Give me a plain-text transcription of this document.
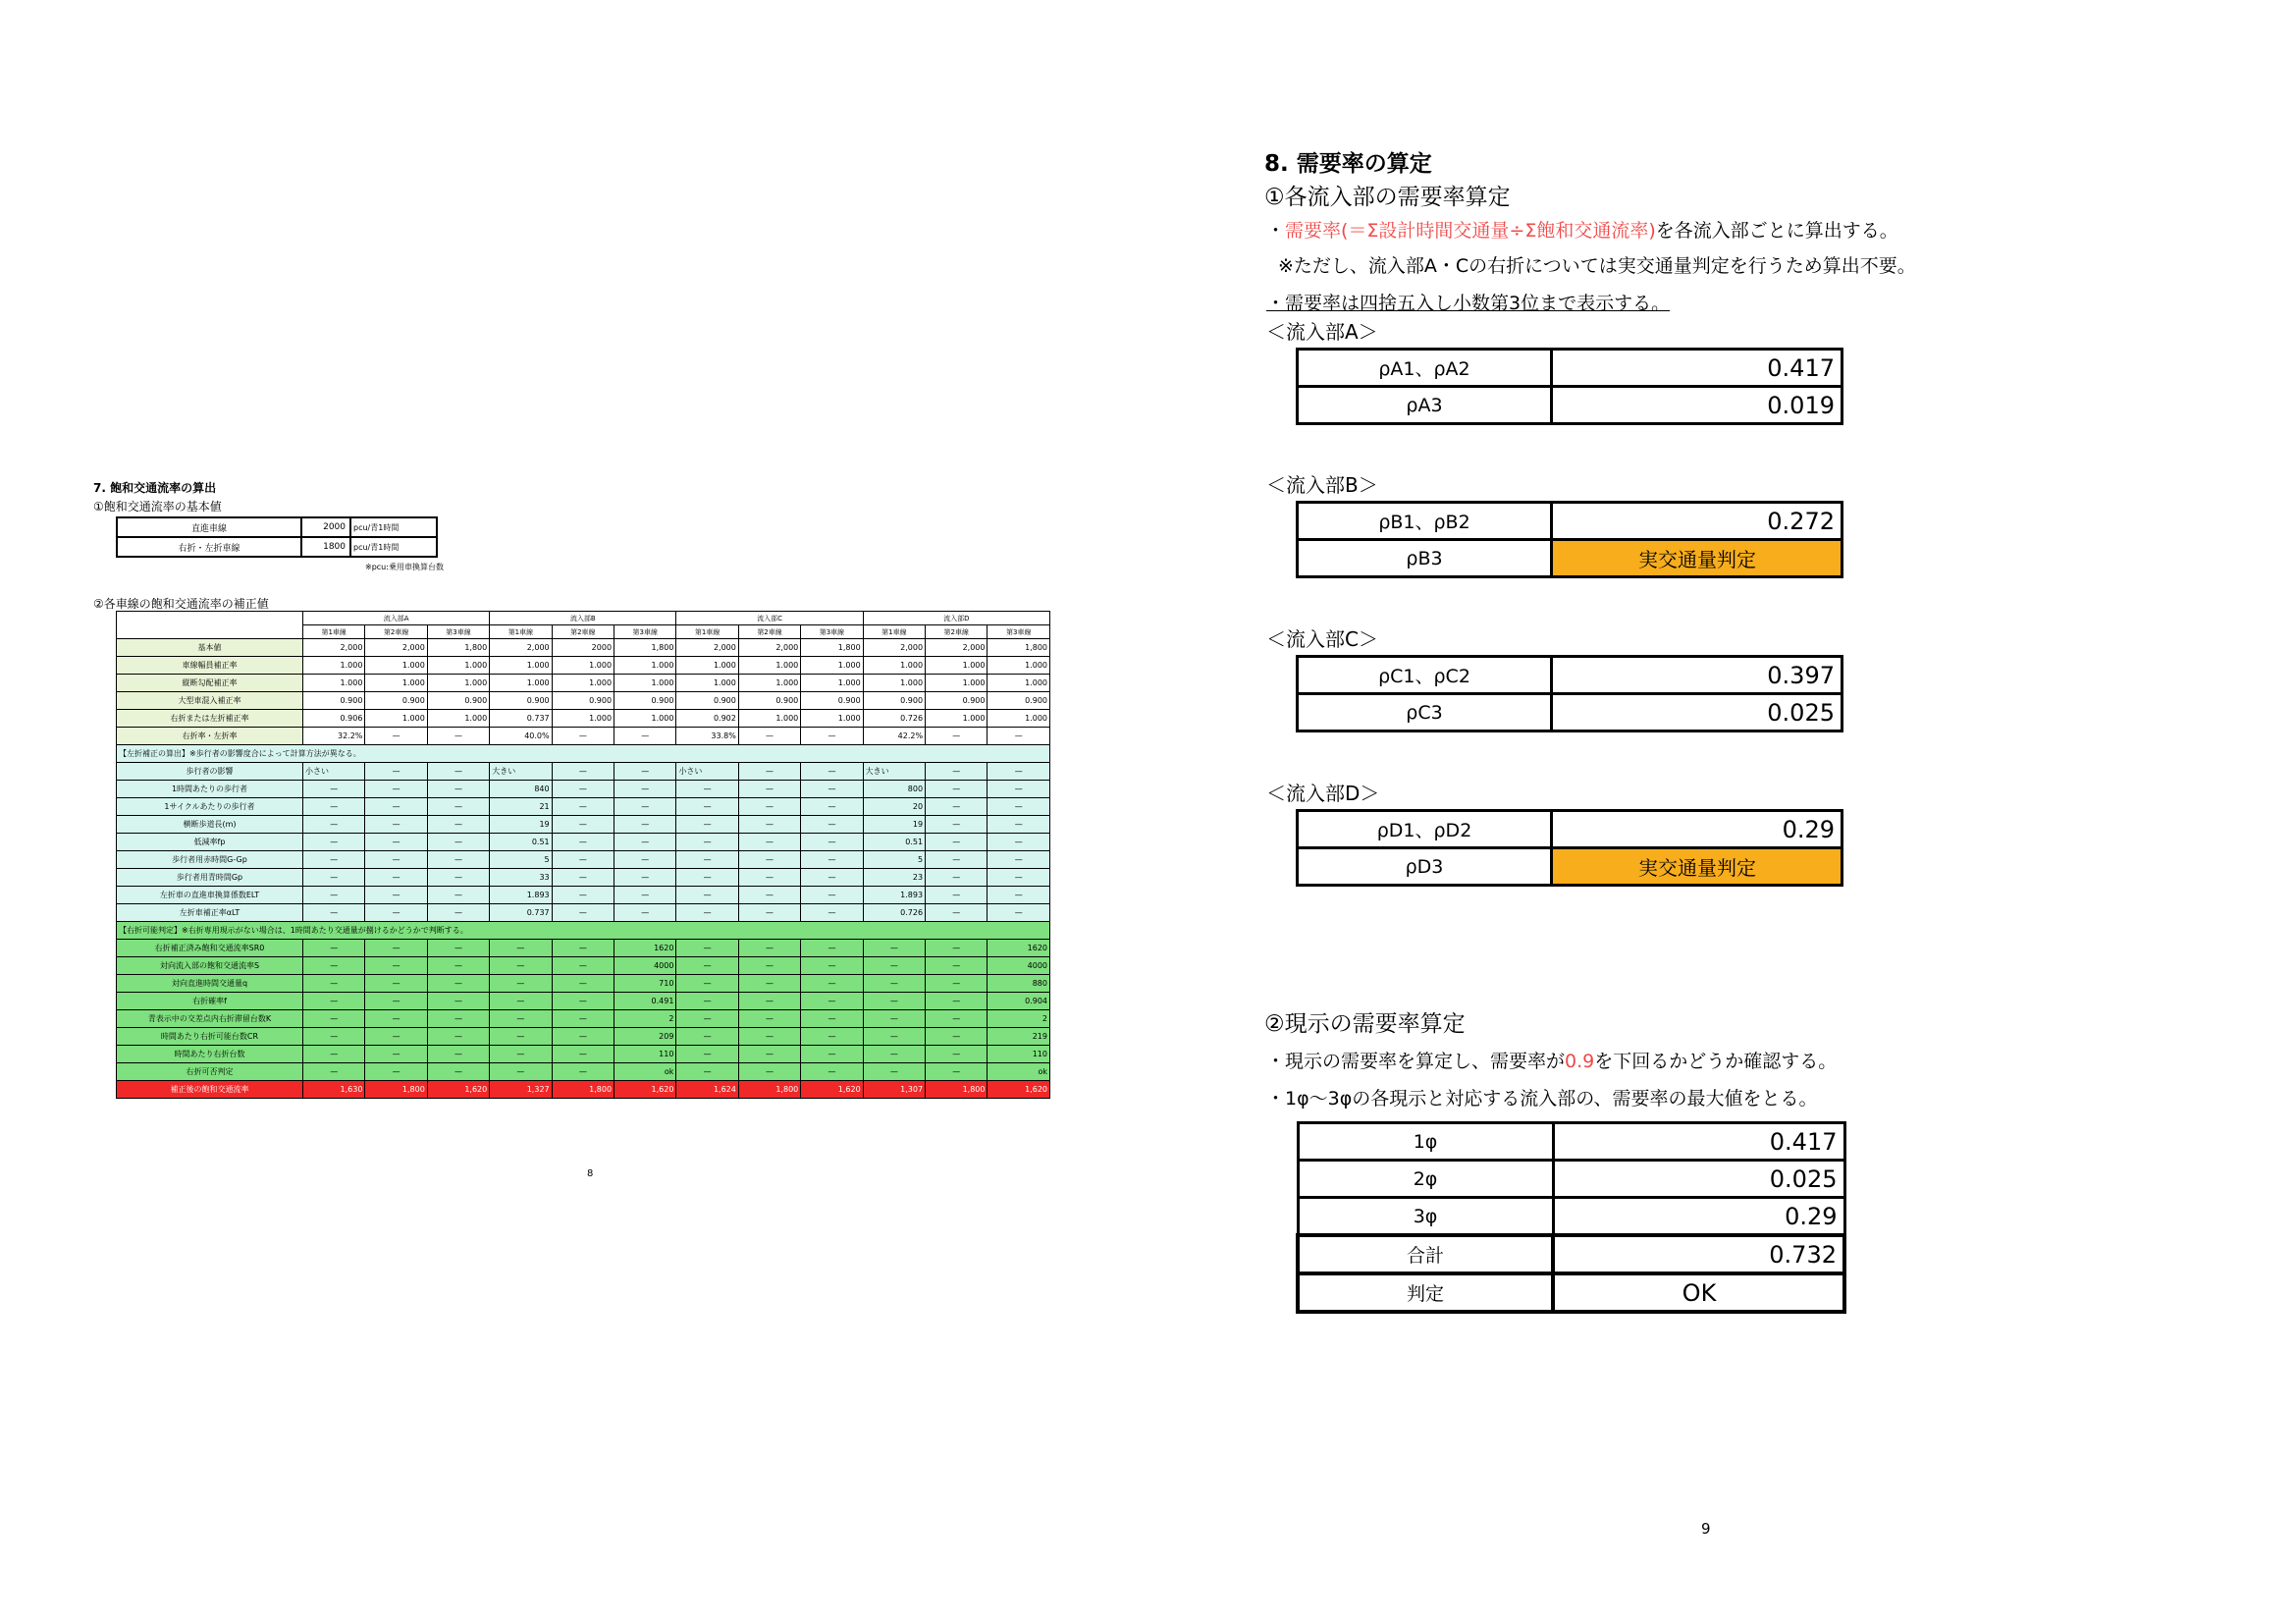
7. 飽和交通流率の算出
①飽和交通流率の基本値
直進車線	2000	pcu/青1時間
右折・左折車線	1800	pcu/青1時間
※pcu:乗用車換算台数
②各車線の飽和交通流率の補正値
	流入部A			流入部B			流入部C			流入部D		
	第1車線	第2車線	第3車線	第1車線	第2車線	第3車線	第1車線	第2車線	第3車線	第1車線	第2車線	第3車線
基本値	2,000	2,000	1,800	2,000	2000	1,800	2,000	2,000	1,800	2,000	2,000	1,800
車線幅員補正率	1.000	1.000	1.000	1.000	1.000	1.000	1.000	1.000	1.000	1.000	1.000	1.000
縦断勾配補正率	1.000	1.000	1.000	1.000	1.000	1.000	1.000	1.000	1.000	1.000	1.000	1.000
大型車混入補正率	0.900	0.900	0.900	0.900	0.900	0.900	0.900	0.900	0.900	0.900	0.900	0.900
右折または左折補正率	0.906	1.000	1.000	0.737	1.000	1.000	0.902	1.000	1.000	0.726	1.000	1.000
右折率・左折率	32.2%	—	—	40.0%	—	—	33.8%	—	—	42.2%	—	—
【左折補正の算出】※歩行者の影響度合によって計算方法が異なる。												
歩行者の影響	小さい	—	—	大きい	—	—	小さい	—	—	大きい	—	—
1時間あたりの歩行者	—	—	—	840	—	—	—	—	—	800	—	—
1サイクルあたりの歩行者	—	—	—	21	—	—	—	—	—	20	—	—
横断歩道長(m)	—	—	—	19	—	—	—	—	—	19	—	—
低減率fp	—	—	—	0.51	—	—	—	—	—	0.51	—	—
歩行者用赤時間G-Gp	—	—	—	5	—	—	—	—	—	5	—	—
歩行者用青時間Gp	—	—	—	33	—	—	—	—	—	23	—	—
左折車の直進車換算係数ELT	—	—	—	1.893	—	—	—	—	—	1.893	—	—
左折車補正率αLT	—	—	—	0.737	—	—	—	—	—	0.726	—	—
【右折可能判定】※右折専用現示がない場合は、1時間あたり交通量が捌けるかどうかで判断する。												
右折補正済み飽和交通流率SR0	—	—	—	—	—	1620	—	—	—	—	—	1620
対向流入部の飽和交通流率S	—	—	—	—	—	4000	—	—	—	—	—	4000
対向直進時間交通量q	—	—	—	—	—	710	—	—	—	—	—	880
右折確率f	—	—	—	—	—	0.491	—	—	—	—	—	0.904
青表示中の交差点内右折滞留台数K	—	—	—	—	—	2	—	—	—	—	—	2
時間あたり右折可能台数CR	—	—	—	—	—	209	—	—	—	—	—	219
時間あたり右折台数	—	—	—	—	—	110	—	—	—	—	—	110
右折可否判定	—	—	—	—	—	ok	—	—	—	—	—	ok
補正後の飽和交通流率	1,630	1,800	1,620	1,327	1,800	1,620	1,624	1,800	1,620	1,307	1,800	1,620
8
8. 需要率の算定
①各流入部の需要率算定
・需要率(＝Σ設計時間交通量÷Σ飽和交通流率)を各流入部ごとに算出する。
※ただし、流入部A・Cの右折については実交通量判定を行うため算出不要。
・需要率は四捨五入し小数第3位まで表示する。
＜流入部A＞
ρA1、ρA2	0.417
ρA3	0.019
＜流入部B＞
ρB1、ρB2	0.272
ρB3	実交通量判定
＜流入部C＞
ρC1、ρC2	0.397
ρC3	0.025
＜流入部D＞
ρD1、ρD2	0.29
ρD3	実交通量判定
②現示の需要率算定
・現示の需要率を算定し、需要率が0.9を下回るかどうか確認する。
・1φ～3φの各現示と対応する流入部の、需要率の最大値をとる。
1φ	0.417
2φ	0.025
3φ	0.29
合計	0.732
判定	OK
9
